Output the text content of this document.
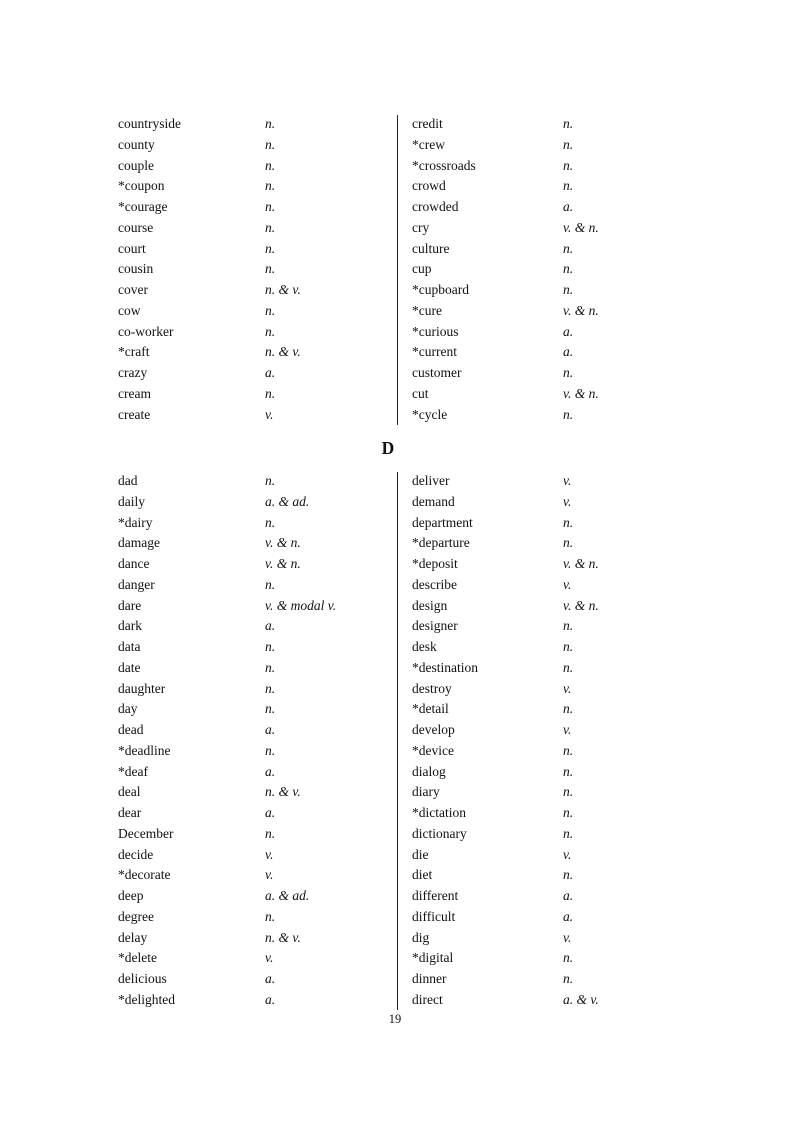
countryside	n.
county	n.
couple	n.
*coupon	n.
*courage	n.
course	n.
court	n.
cousin	n.
cover	n. & v.
cow	n.
co-worker	n.
*craft	n. & v.
crazy	a.
cream	n.
create	v.
credit	n.
*crew	n.
*crossroads	n.
crowd	n.
crowded	a.
cry	v. & n.
culture	n.
cup	n.
*cupboard	n.
*cure	v. & n.
*curious	a.
*current	a.
customer	n.
cut	v. & n.
*cycle	n.
D
dad	n.
daily	a. & ad.
*dairy	n.
damage	v. & n.
dance	v. & n.
danger	n.
dare	v. & modal v.
dark	a.
data	n.
date	n.
daughter	n.
day	n.
dead	a.
*deadline	n.
*deaf	a.
deal	n. & v.
dear	a.
December	n.
decide	v.
*decorate	v.
deep	a. & ad.
degree	n.
delay	n. & v.
*delete	v.
delicious	a.
*delighted	a.
deliver	v.
demand	v.
department	n.
*departure	n.
*deposit	v. & n.
describe	v.
design	v. & n.
designer	n.
desk	n.
*destination	n.
destroy	v.
*detail	n.
develop	v.
*device	n.
dialog	n.
diary	n.
*dictation	n.
dictionary	n.
die	v.
diet	n.
different	a.
difficult	a.
dig	v.
*digital	n.
dinner	n.
direct	a. & v.
19
